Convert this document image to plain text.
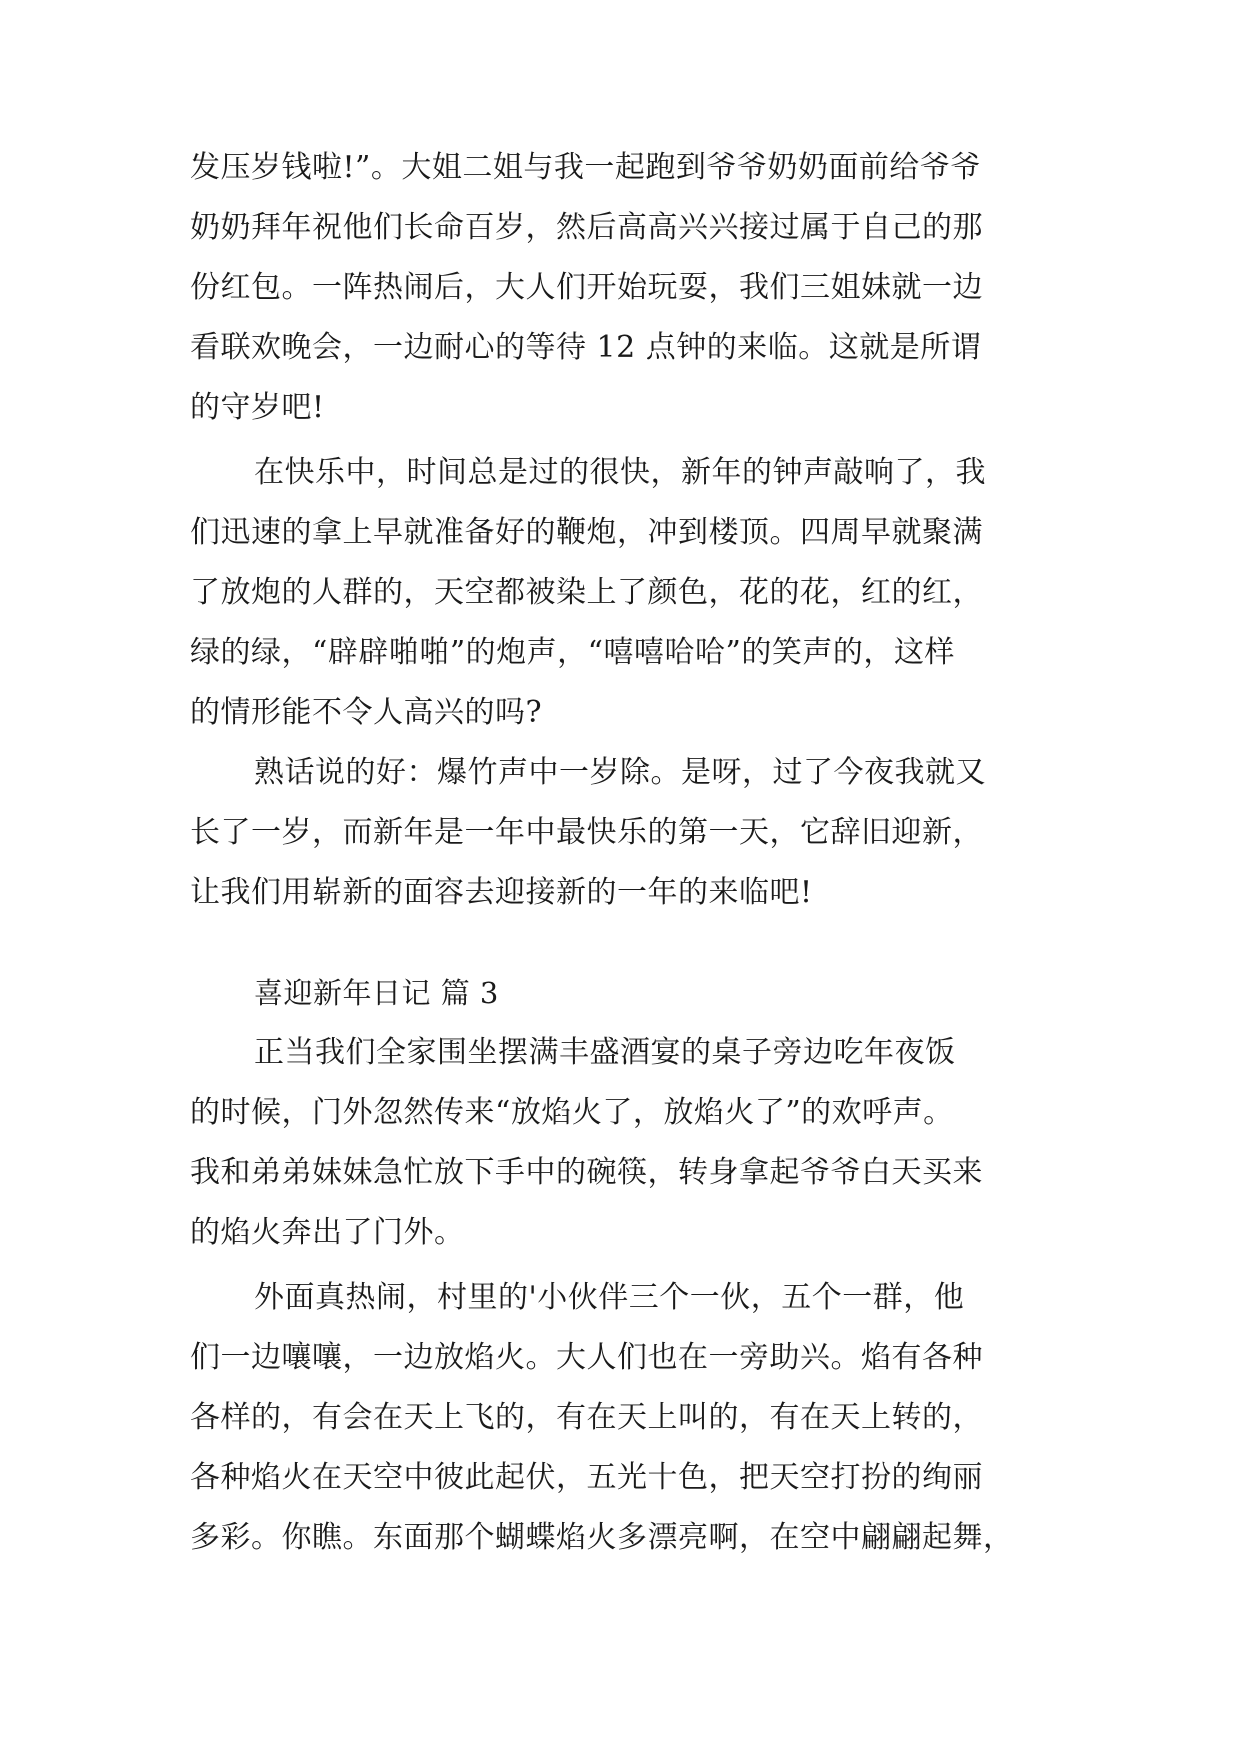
发压岁钱啦!”。大姐二姐与我一起跑到爷爷奶奶面前给爷爷
奶奶拜年祝他们长命百岁，然后高高兴兴接过属于自己的那
份红包。一阵热闹后，大人们开始玩耍，我们三姐妹就一边
看联欢晚会，一边耐心的等待 12 点钟的来临。这就是所谓
的守岁吧!
在快乐中，时间总是过的很快，新年的钟声敲响了，我
们迅速的拿上早就准备好的鞭炮，冲到楼顶。四周早就聚满
了放炮的人群的，天空都被染上了颜色，花的花，红的红，
绿的绿，“辟辟啪啪”的炮声，“嘻嘻哈哈”的笑声的，这样
的情形能不令人高兴的吗?
熟话说的好：爆竹声中一岁除。是呀，过了今夜我就又
长了一岁，而新年是一年中最快乐的第一天，它辞旧迎新，
让我们用崭新的面容去迎接新的一年的来临吧!
喜迎新年日记 篇 3
正当我们全家围坐摆满丰盛酒宴的桌子旁边吃年夜饭
的时候，门外忽然传来“放焰火了，放焰火了”的欢呼声。
我和弟弟妹妹急忙放下手中的碗筷，转身拿起爷爷白天买来
的焰火奔出了门外。
外面真热闹，村里的'小伙伴三个一伙，五个一群，他
们一边嚷嚷，一边放焰火。大人们也在一旁助兴。焰有各种
各样的，有会在天上飞的，有在天上叫的，有在天上转的，
各种焰火在天空中彼此起伏，五光十色，把天空打扮的绚丽
多彩。你瞧。东面那个蝴蝶焰火多漂亮啊，在空中翩翩起舞，
